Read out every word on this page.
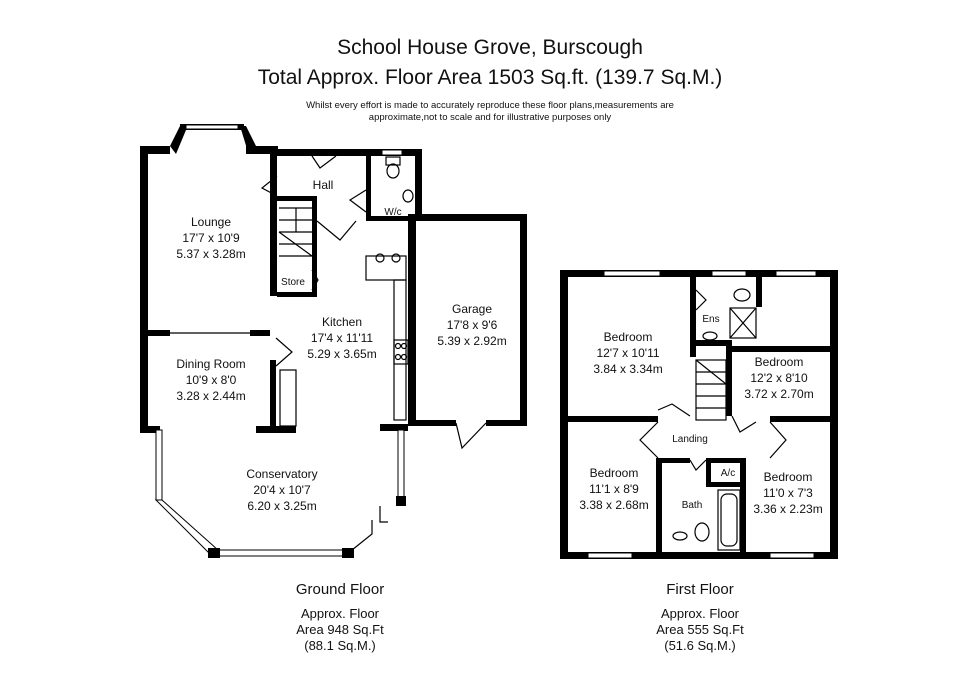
School House Grove, Burscough
Total Approx. Floor Area 1503 Sq.ft. (139.7 Sq.M.)
Whilst every effort is made to accurately reproduce these floor plans,measurements are
approximate,not to scale and for illustrative purposes only
Lounge
17'7 x 10'9
5.37 x 3.28m
Hall
W/c
Store
Kitchen
17'4 x 11'11
5.29 x 3.65m
Garage
17'8 x 9'6
5.39 x 2.92m
Dining Room
10'9 x 8'0
3.28 x 2.44m
Conservatory
20'4 x 10'7
6.20 x 3.25m
Bedroom
12'7 x 10'11
3.84 x 3.34m
Ens
Bedroom
12'2 x 8'10
3.72 x 2.70m
Landing
Bedroom
11'1 x 8'9
3.38 x 2.68m
A/c
Bath
Bedroom
11'0 x 7'3
3.36 x 2.23m
Ground Floor
Approx. Floor
Area 948 Sq.Ft
(88.1 Sq.M.)
First Floor
Approx. Floor
Area 555 Sq.Ft
(51.6 Sq.M.)
